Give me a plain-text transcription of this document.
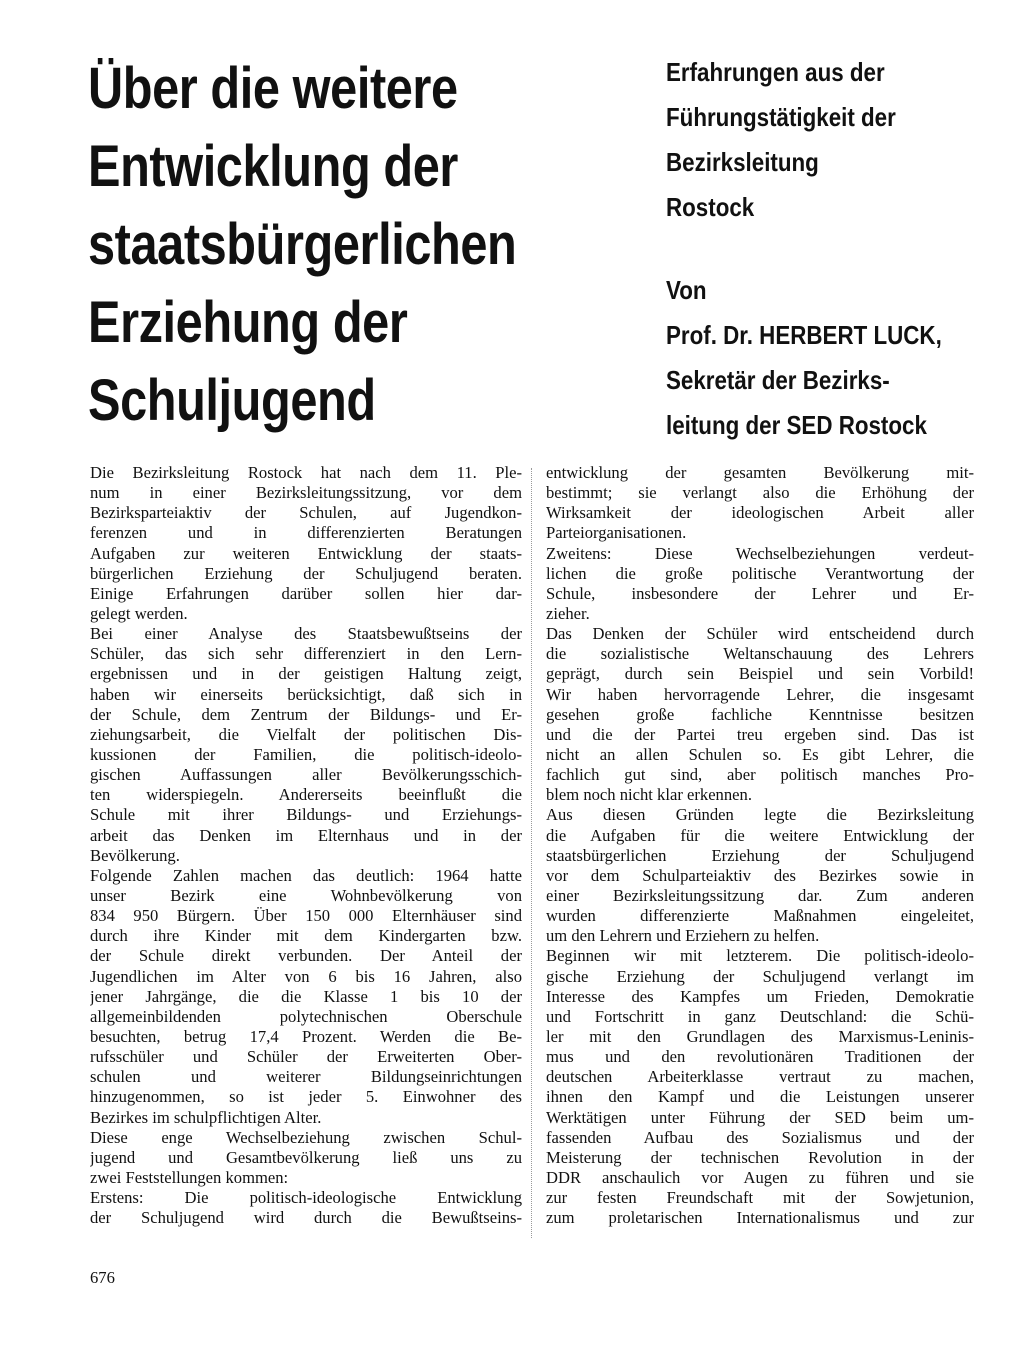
Über die weitere
Entwicklung der
staatsbürgerlichen
Erziehung der
Schuljugend
Erfahrungen aus der
Führungstätigkeit der
Bezirksleitung
Rostock
Von
Prof. Dr. HERBERT LUCK,
Sekretär der Bezirks-
leitung der SED Rostock
Die Bezirksleitung Rostock hat nach dem 11. Ple-
num in einer Bezirksleitungssitzung, vor dem
Bezirksparteiaktiv der Schulen, auf Jugendkon-
ferenzen und in differenzierten Beratungen
Aufgaben zur weiteren Entwicklung der staats-
bürgerlichen Erziehung der Schuljugend beraten.
Einige Erfahrungen darüber sollen hier dar-
gelegt werden.
Bei einer Analyse des Staatsbewußtseins der
Schüler, das sich sehr differenziert in den Lern-
ergebnissen und in der geistigen Haltung zeigt,
haben wir einerseits berücksichtigt, daß sich in
der Schule, dem Zentrum der Bildungs- und Er-
ziehungsarbeit, die Vielfalt der politischen Dis-
kussionen der Familien, die politisch-ideolo-
gischen Auffassungen aller Bevölkerungsschich-
ten widerspiegeln. Andererseits beeinflußt die
Schule mit ihrer Bildungs- und Erziehungs-
arbeit das Denken im Elternhaus und in der
Bevölkerung.
Folgende Zahlen machen das deutlich: 1964 hatte
unser Bezirk eine Wohnbevölkerung von
834 950 Bürgern. Über 150 000 Elternhäuser sind
durch ihre Kinder mit dem Kindergarten bzw.
der Schule direkt verbunden. Der Anteil der
Jugendlichen im Alter von 6 bis 16 Jahren, also
jener Jahrgänge, die die Klasse 1 bis 10 der
allgemeinbildenden polytechnischen Oberschule
besuchten, betrug 17,4 Prozent. Werden die Be-
rufsschüler und Schüler der Erweiterten Ober-
schulen und weiterer Bildungseinrichtungen
hinzugenommen, so ist jeder 5. Einwohner des
Bezirkes im schulpflichtigen Alter.
Diese enge Wechselbeziehung zwischen Schul-
jugend und Gesamtbevölkerung ließ uns zu
zwei Feststellungen kommen:
Erstens: Die politisch-ideologische Entwicklung
der Schuljugend wird durch die Bewußtseins-
entwicklung der gesamten Bevölkerung mit-
bestimmt; sie verlangt also die Erhöhung der
Wirksamkeit der ideologischen Arbeit aller
Parteiorganisationen.
Zweitens: Diese Wechselbeziehungen verdeut-
lichen die große politische Verantwortung der
Schule, insbesondere der Lehrer und Er-
zieher.
Das Denken der Schüler wird entscheidend durch
die sozialistische Weltanschauung des Lehrers
geprägt, durch sein Beispiel und sein Vorbild!
Wir haben hervorragende Lehrer, die insgesamt
gesehen große fachliche Kenntnisse besitzen
und die der Partei treu ergeben sind. Das ist
nicht an allen Schulen so. Es gibt Lehrer, die
fachlich gut sind, aber politisch manches Pro-
blem noch nicht klar erkennen.
Aus diesen Gründen legte die Bezirksleitung
die Aufgaben für die weitere Entwicklung der
staatsbürgerlichen Erziehung der Schuljugend
vor dem Schulparteiaktiv des Bezirkes sowie in
einer Bezirksleitungssitzung dar. Zum anderen
wurden differenzierte Maßnahmen eingeleitet,
um den Lehrern und Erziehern zu helfen.
Beginnen wir mit letzterem. Die politisch-ideolo-
gische Erziehung der Schuljugend verlangt im
Interesse des Kampfes um Frieden, Demokratie
und Fortschritt in ganz Deutschland: die Schü-
ler mit den Grundlagen des Marxismus-Leninis-
mus und den revolutionären Traditionen der
deutschen Arbeiterklasse vertraut zu machen,
ihnen den Kampf und die Leistungen unserer
Werktätigen unter Führung der SED beim um-
fassenden Aufbau des Sozialismus und der
Meisterung der technischen Revolution in der
DDR anschaulich vor Augen zu führen und sie
zur festen Freundschaft mit der Sowjetunion,
zum proletarischen Internationalismus und zur
676
